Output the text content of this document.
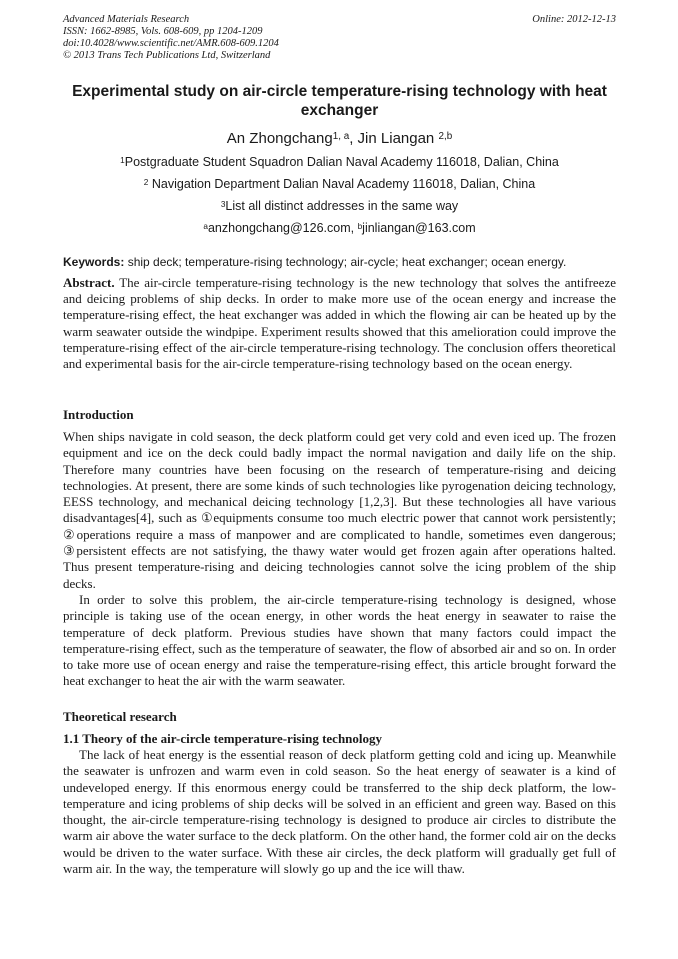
Advanced Materials Research
ISSN: 1662-8985, Vols. 608-609, pp 1204-1209
doi:10.4028/www.scientific.net/AMR.608-609.1204
© 2013 Trans Tech Publications Ltd, Switzerland
Online: 2012-12-13
Experimental study on air-circle temperature-rising technology with heat exchanger
An Zhongchang$^{1, a}$, Jin Liangan $^{2,b}$
$^1$Postgraduate Student Squadron Dalian Naval Academy 116018, Dalian, China
$^2$ Navigation Department Dalian Naval Academy 116018, Dalian, China
$^3$List all distinct addresses in the same way
$^a$anzhongchang@126.com, $^b$jinliangan@163.com
Keywords: ship deck; temperature-rising technology; air-cycle; heat exchanger; ocean energy.
Abstract. The air-circle temperature-rising technology is the new technology that solves the antifreeze and deicing problems of ship decks. In order to make more use of the ocean energy and increase the temperature-rising effect, the heat exchanger was added in which the flowing air can be heated up by the warm seawater outside the windpipe. Experiment results showed that this amelioration could improve the temperature-rising effect of the air-circle temperature-rising technology. The conclusion offers theoretical and experimental basis for the air-circle temperature-rising technology based on the ocean energy.
Introduction

When ships navigate in cold season, the deck platform could get very cold and even iced up. The frozen equipment and ice on the deck could badly impact the normal navigation and daily life on the ship. Therefore many countries have been focusing on the research of temperature-rising and deicing technologies. At present, there are some kinds of such technologies like pyrogenation deicing technology, EESS technology, and mechanical deicing technology [1,2,3]. But these technologies all have various disadvantages[4], such as ①equipments consume too much electric power that cannot work persistently; ②operations require a mass of manpower and are complicated to handle, sometimes even dangerous; ③persistent effects are not satisfying, the thawy water would get frozen again after operations halted. Thus present temperature-rising and deicing technologies cannot solve the icing problem of the ship decks.

In order to solve this problem, the air-circle temperature-rising technology is designed, whose principle is taking use of the ocean energy, in other words the heat energy in seawater to raise the temperature of deck platform. Previous studies have shown that many factors could impact the temperature-rising effect, such as the temperature of seawater, the flow of absorbed air and so on. In order to take more use of ocean energy and raise the temperature-rising effect, this article brought forward the heat exchanger to heat the air with the warm seawater.

Theoretical research
1.1 Theory of the air-circle temperature-rising technology

The lack of heat energy is the essential reason of deck platform getting cold and icing up. Meanwhile the seawater is unfrozen and warm even in cold season. So the heat energy of seawater is a kind of undeveloped energy. If this enormous energy could be transferred to the ship deck platform, the low-temperature and icing problems of ship decks will be solved in an efficient and green way. Based on this thought, the air-circle temperature-rising technology is designed to produce air circles to distribute the warm air above the water surface to the deck platform. On the other hand, the former cold air on the decks would be driven to the water surface. With these air circles, the deck platform will gradually get full of warm air. In the way, the temperature will slowly go up and the ice will thaw.
